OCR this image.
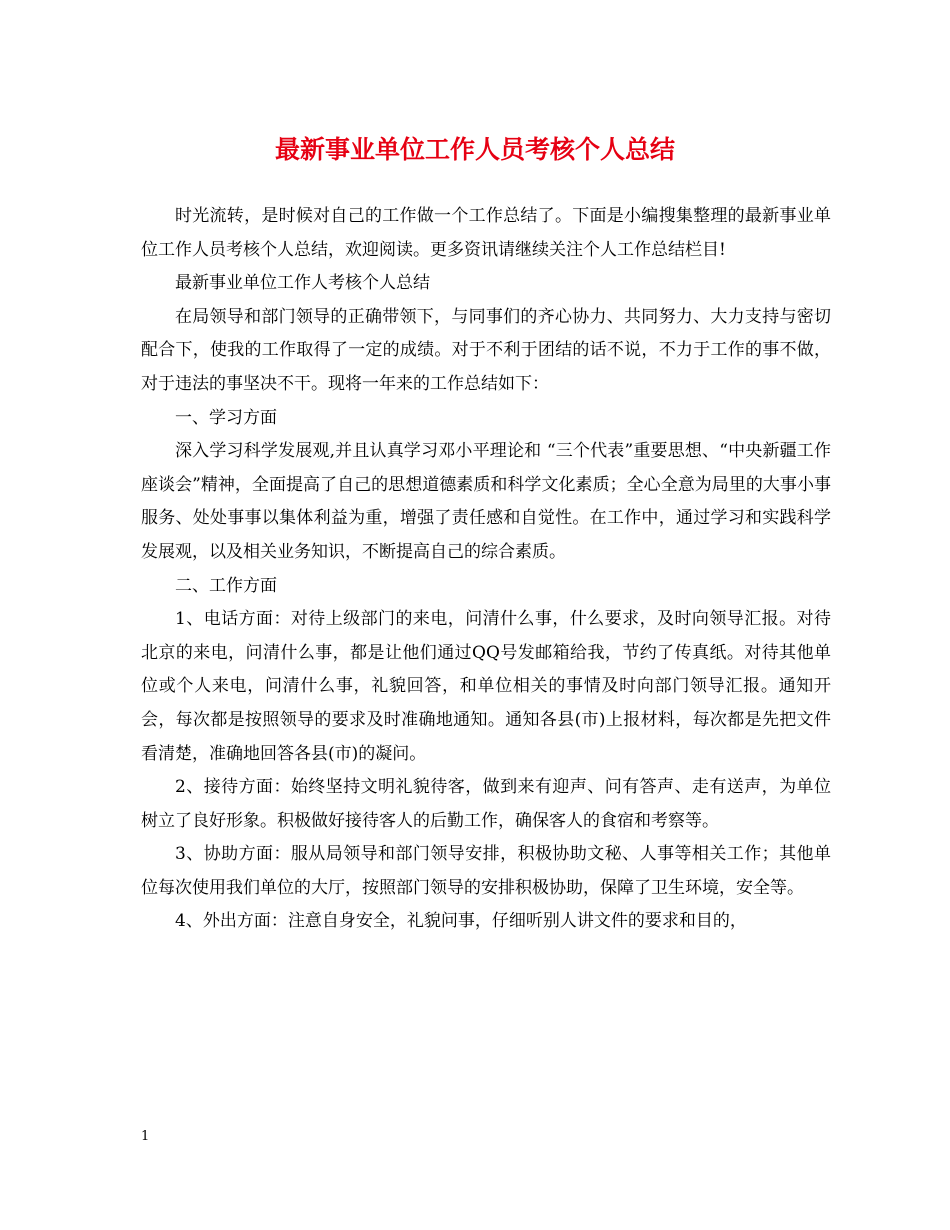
最新事业单位工作人员考核个人总结

时光流转，是时候对自己的工作做一个工作总结了。下面是小编搜集整理的最新事业单位工作人员考核个人总结，欢迎阅读。更多资讯请继续关注个人工作总结栏目!

最新事业单位工作人考核个人总结

在局领导和部门领导的正确带领下，与同事们的齐心协力、共同努力、大力支持与密切配合下，使我的工作取得了一定的成绩。对于不利于团结的话不说，不力于工作的事不做，对于违法的事坚决不干。现将一年来的工作总结如下：

一、学习方面

深入学习科学发展观,并且认真学习邓小平理论和 “三个代表”重要思想、“中央新疆工作座谈会”精神，全面提高了自己的思想道德素质和科学文化素质；全心全意为局里的大事小事服务、处处事事以集体利益为重，增强了责任感和自觉性。在工作中，通过学习和实践科学发展观，以及相关业务知识，不断提高自己的综合素质。

二、工作方面

1、电话方面：对待上级部门的来电，问清什么事，什么要求，及时向领导汇报。对待北京的来电，问清什么事，都是让他们通过QQ号发邮箱给我，节约了传真纸。对待其他单位或个人来电，问清什么事，礼貌回答，和单位相关的事情及时向部门领导汇报。通知开会，每次都是按照领导的要求及时准确地通知。通知各县(市)上报材料，每次都是先把文件看清楚，准确地回答各县(市)的凝问。

2、接待方面：始终坚持文明礼貌待客，做到来有迎声、问有答声、走有送声，为单位树立了良好形象。积极做好接待客人的后勤工作，确保客人的食宿和考察等。

3、协助方面：服从局领导和部门领导安排，积极协助文秘、人事等相关工作；其他单位每次使用我们单位的大厅，按照部门领导的安排积极协助，保障了卫生环境，安全等。

4、外出方面：注意自身安全，礼貌问事，仔细听别人讲文件的要求和目的，

1
